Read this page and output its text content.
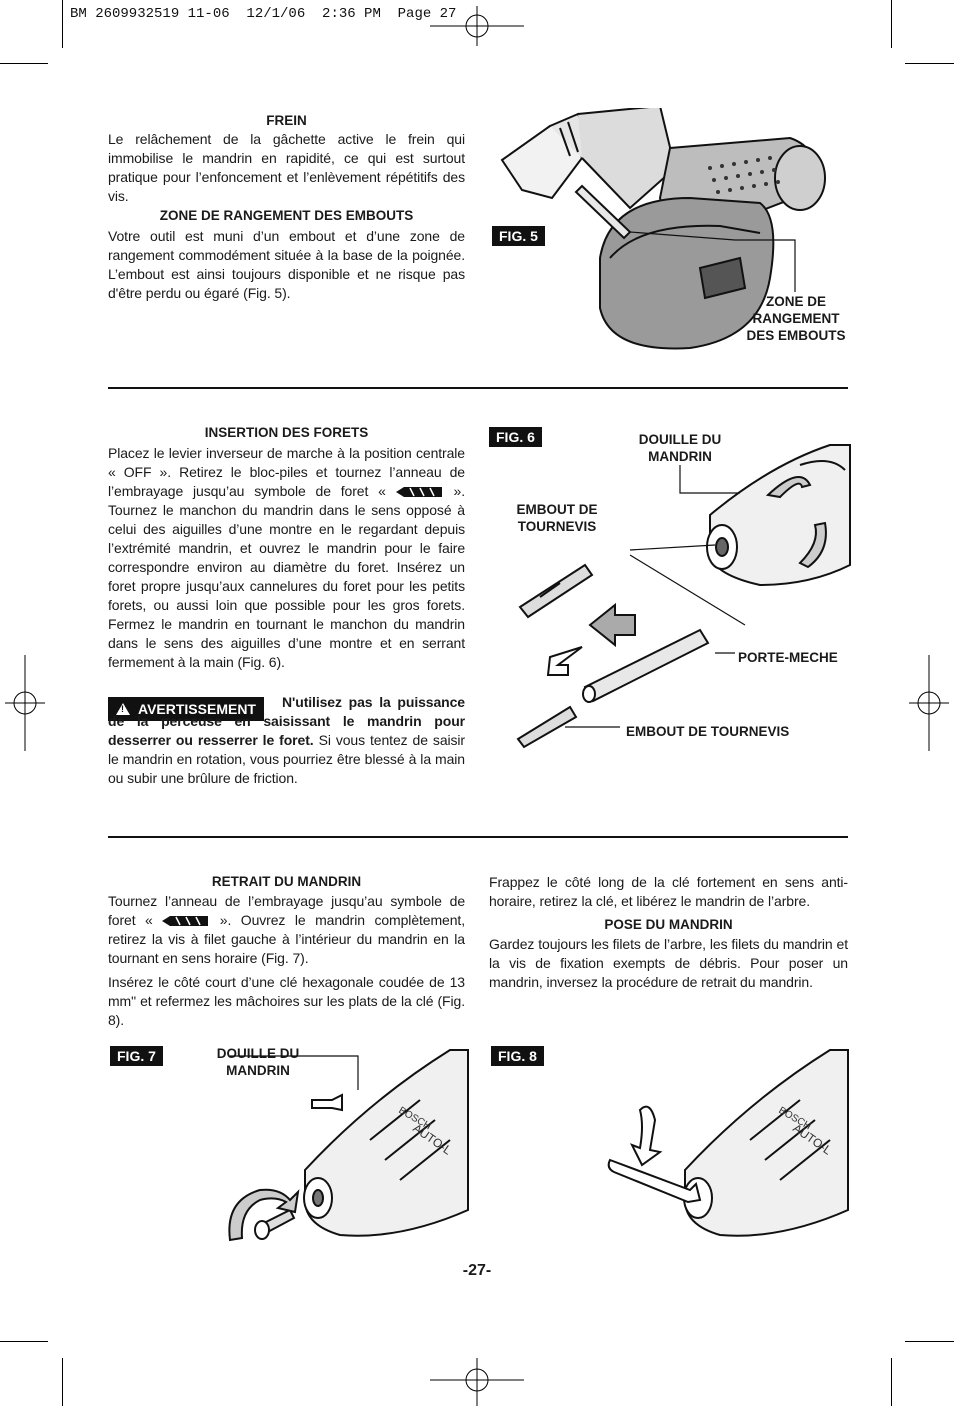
BM 2609932519 11-06  12/1/06  2:36 PM  Page 27
FREIN
Le relâchement de la gâchette active le frein qui immobilise le mandrin en rapidité, ce qui est surtout pratique pour l’enfoncement et l’enlèvement répétitifs des vis.
ZONE DE RANGEMENT DES EMBOUTS
Votre outil est muni d’un embout et d’une zone de rangement commodément située à la base de la poignée. L’embout est ainsi toujours disponible et ne risque pas d'être perdu ou égaré (Fig. 5).
FIG. 5
ZONE DE
RANGEMENT
DES EMBOUTS
INSERTION DES FORETS
Placez le levier inverseur de marche à la position centrale « OFF ». Retirez le bloc-piles et tournez l’anneau de l’embrayage jusqu’au symbole de foret «	». Tournez le manchon du mandrin dans le sens opposé à celui des aiguilles d’une montre en le regardant depuis l’extrémité mandrin, et ouvrez le mandrin pour le faire correspondre environ au diamètre du foret. Insérez un foret propre jusqu’aux cannelures du foret pour les petits forets, ou aussi loin que possible pour les gros forets. Fermez le mandrin en tournant le manchon du mandrin dans le sens des aiguilles d’une montre et en serrant fermement à la main (Fig. 6).
!
AVERTISSEMENT	N'utilisez pas la puissance de la perceuse en saisissant le mandrin pour desserrer ou resserrer le foret. Si vous tentez de saisir le mandrin en rotation, vous pourriez être blessé à la main ou subir une brûlure de friction.
FIG. 6	DOUILLE DU
MANDRIN
EMBOUT DE
TOURNEVIS
PORTE-MECHE
EMBOUT DE TOURNEVIS
RETRAIT DU MANDRIN
Tournez l’anneau de l’embrayage jusqu’au symbole de foret «	». Ouvrez le mandrin complètement, retirez la vis à filet gauche à l’intérieur du mandrin en la tournant en sens horaire (Fig. 7).
Insérez le côté court d’une clé hexagonale coudée de 13 mm" et refermez les mâchoires sur les plats de la clé (Fig. 8).
Frappez le côté long de la clé fortement en sens anti-horaire, retirez la clé, et libérez le mandrin de l’arbre.
POSE DU MANDRIN
Gardez toujours les filets de l’arbre, les filets du mandrin et la vis de fixation exempts de débris. Pour poser un mandrin, inversez la procédure de retrait du mandrin.
FIG. 7	DOUILLE DU
MANDRIN
BOSCH
AUTO-L
FIG. 8
BOSCH
AUTO-L
-27-
